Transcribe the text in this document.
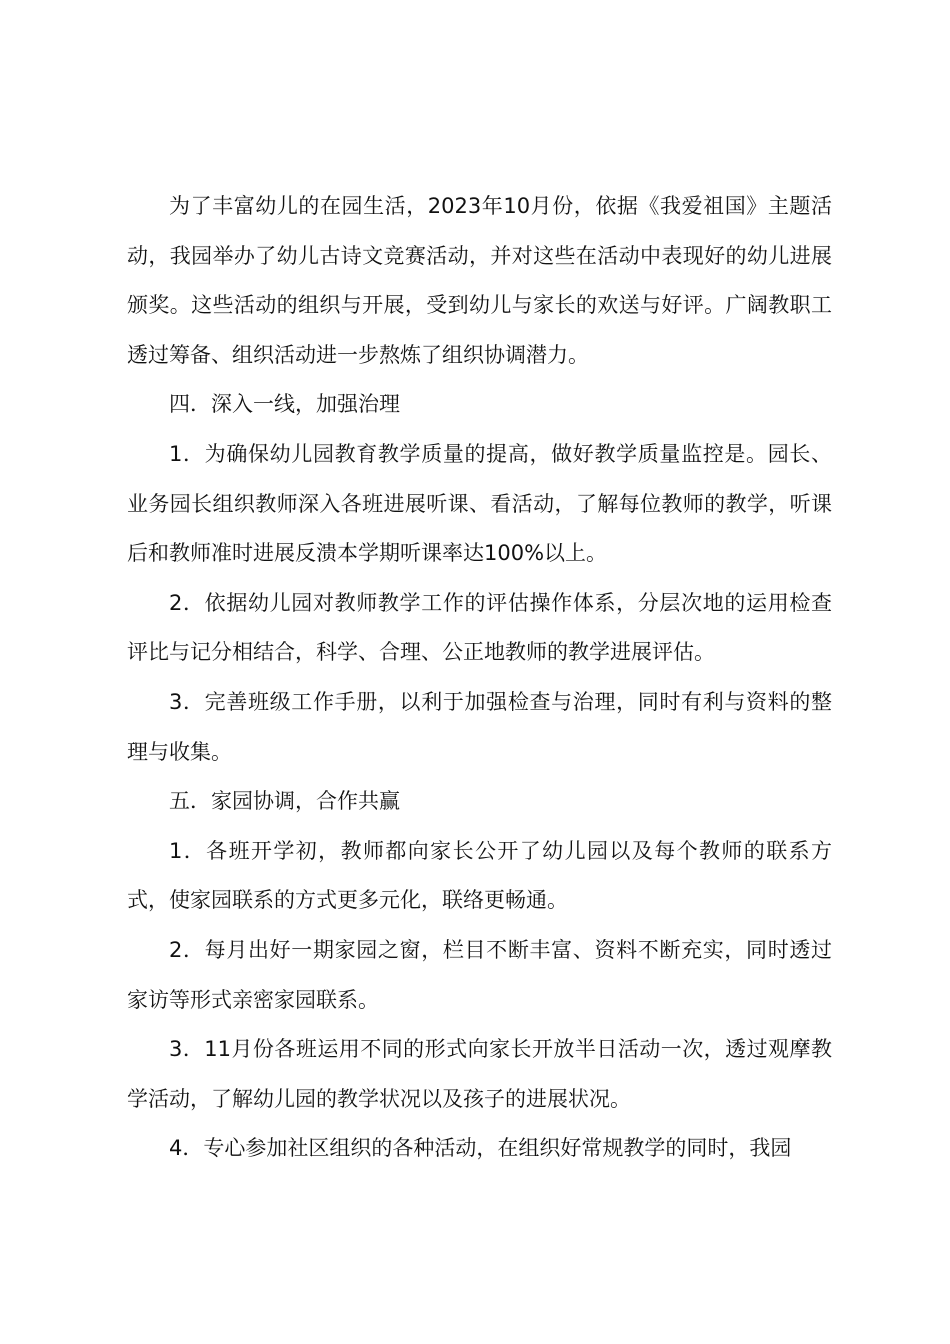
为了丰富幼儿的在园生活，2023年10月份，依据《我爱祖国》主题活动，我园举办了幼儿古诗文竞赛活动，并对这些在活动中表现好的幼儿进展颁奖。这些活动的组织与开展，受到幼儿与家长的欢送与好评。广阔教职工透过筹备、组织活动进一步熬炼了组织协调潜力。

四．深入一线，加强治理

1．为确保幼儿园教育教学质量的提高，做好教学质量监控是。园长、业务园长组织教师深入各班进展听课、看活动，了解每位教师的教学，听课后和教师准时进展反溃本学期听课率达100%以上。

2．依据幼儿园对教师教学工作的评估操作体系，分层次地的运用检查评比与记分相结合，科学、合理、公正地教师的教学进展评估。

3．完善班级工作手册，以利于加强检查与治理，同时有利与资料的整理与收集。

五．家园协调，合作共赢

1．各班开学初，教师都向家长公开了幼儿园以及每个教师的联系方式，使家园联系的方式更多元化，联络更畅通。

2．每月出好一期家园之窗，栏目不断丰富、资料不断充实，同时透过家访等形式亲密家园联系。

3．11月份各班运用不同的形式向家长开放半日活动一次，透过观摩教学活动，了解幼儿园的教学状况以及孩子的进展状况。

4．专心参加社区组织的各种活动，在组织好常规教学的同时，我园
